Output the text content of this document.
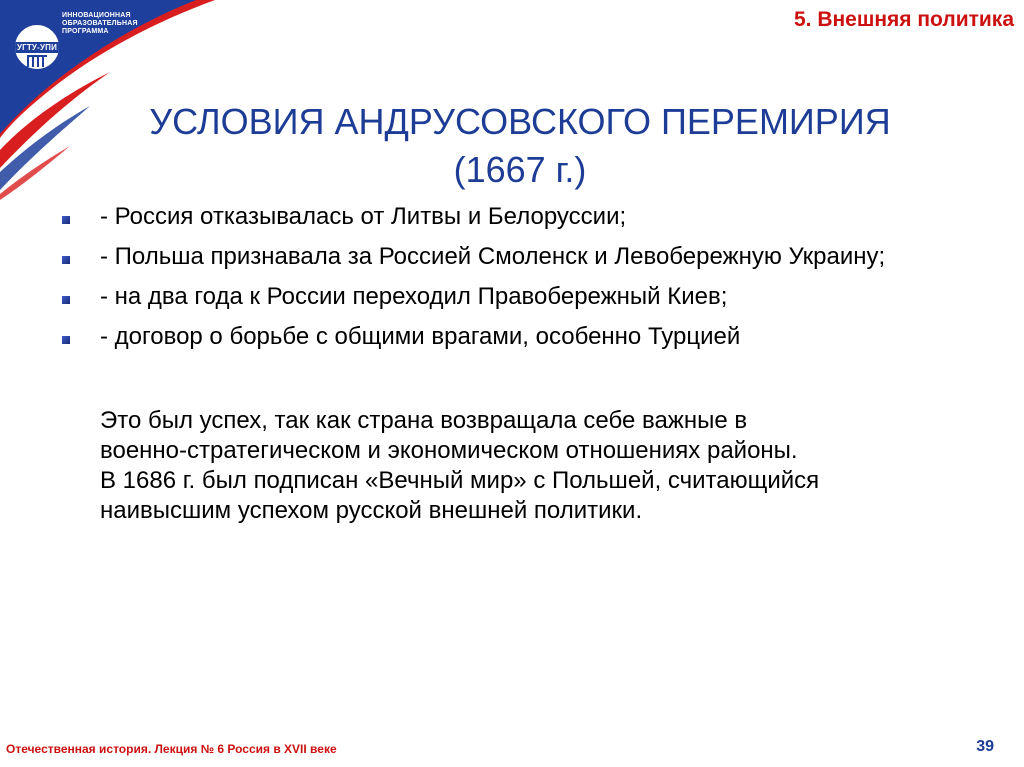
УГТУ-УПИ
ИННОВАЦИОННАЯ
ОБРАЗОВАТЕЛЬНАЯ
ПРОГРАММА
5. Внешняя политика
УСЛОВИЯ АНДРУСОВСКОГО ПЕРЕМИРИЯ
(1667 г.)
- Россия отказывалась от Литвы и Белоруссии;
- Польша признавала за Россией Смоленск и Левобережную Украину;
- на два года к России переходил Правобережный Киев;
- договор о борьбе с общими врагами, особенно Турцией
Это был успех, так как страна возвращала себе важные в
военно-стратегическом и экономическом отношениях районы.
В 1686 г. был подписан «Вечный мир» с Польшей, считающийся
наивысшим успехом русской внешней политики.
Отечественная история. Лекция № 6 Россия в XVII веке	39
